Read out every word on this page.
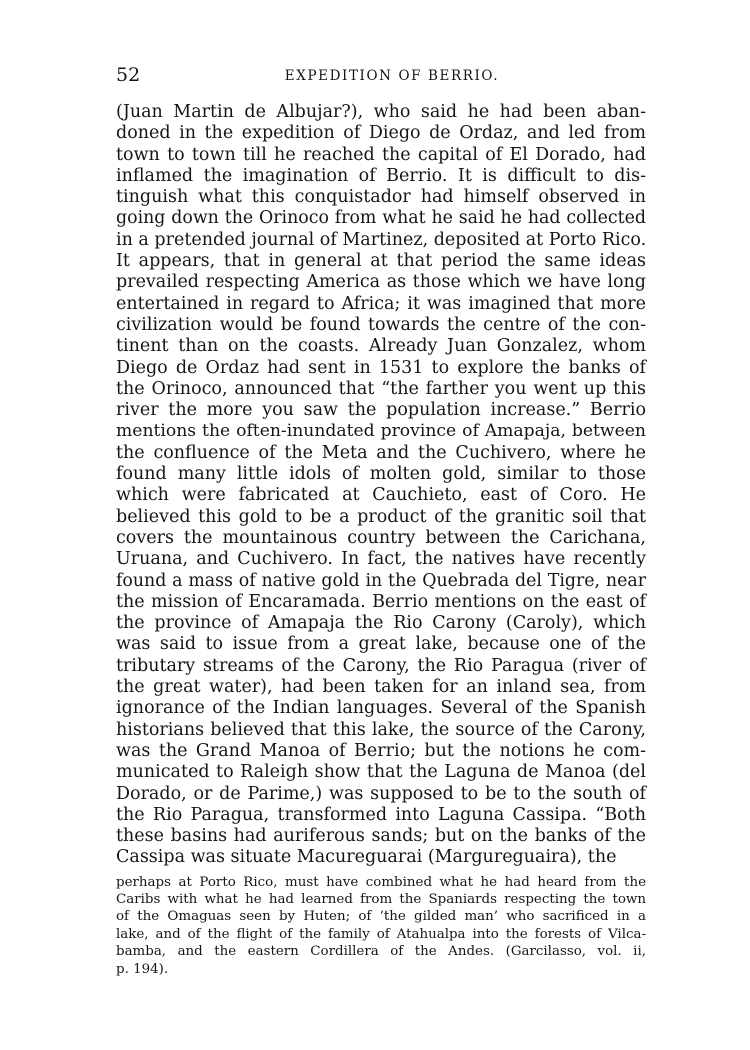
52	EXPEDITION OF BERRIO.
(Juan Martin de Albujar?), who said he had been aban-
doned in the expedition of Diego de Ordaz, and led from
town to town till he reached the capital of El Dorado, had
inflamed the imagination of Berrio. It is difficult to dis-
tinguish what this conquistador had himself observed in
going down the Orinoco from what he said he had collected
in a pretended journal of Martinez, deposited at Porto Rico.
It appears, that in general at that period the same ideas
prevailed respecting America as those which we have long
entertained in regard to Africa; it was imagined that more
civilization would be found towards the centre of the con-
tinent than on the coasts. Already Juan Gonzalez, whom
Diego de Ordaz had sent in 1531 to explore the banks of
the Orinoco, announced that “the farther you went up this
river the more you saw the population increase.” Berrio
mentions the often-inundated province of Amapaja, between
the confluence of the Meta and the Cuchivero, where he
found many little idols of molten gold, similar to those
which were fabricated at Cauchieto, east of Coro. He
believed this gold to be a product of the granitic soil that
covers the mountainous country between the Carichana,
Uruana, and Cuchivero. In fact, the natives have recently
found a mass of native gold in the Quebrada del Tigre, near
the mission of Encaramada. Berrio mentions on the east of
the province of Amapaja the Rio Carony (Caroly), which
was said to issue from a great lake, because one of the
tributary streams of the Carony, the Rio Paragua (river of
the great water), had been taken for an inland sea, from
ignorance of the Indian languages. Several of the Spanish
historians believed that this lake, the source of the Carony,
was the Grand Manoa of Berrio; but the notions he com-
municated to Raleigh show that the Laguna de Manoa (del
Dorado, or de Parime,) was supposed to be to the south of
the Rio Paragua, transformed into Laguna Cassipa. “Both
these basins had auriferous sands; but on the banks of the
Cassipa was situate Macureguarai (Margureguaira), the
perhaps at Porto Rico, must have combined what he had heard from the
Caribs with what he had learned from the Spaniards respecting the town
of the Omaguas seen by Huten; of ‘the gilded man’ who sacrificed in a
lake, and of the flight of the family of Atahualpa into the forests of Vilca-
bamba, and the eastern Cordillera of the Andes. (Garcilasso, vol. ii,
p. 194).
